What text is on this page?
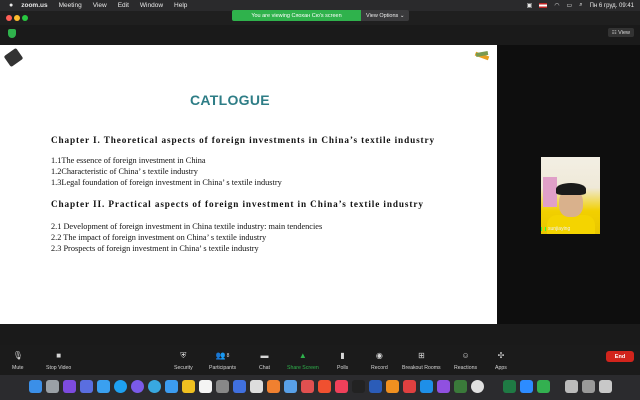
● zoom.us Meeting View Edit Window Help	▣	◠ ▭ ⌕ Пн 6 груд. 09:41
☷ View
CATLOGUE
Chapter I. Theoretical aspects of foreign investments in China’s textile industry
1.1The essence of foreign investment in China
1.2Characteristic of China’ s textile industry
1.3Legal foundation of foreign investment in China’ s textile industry
Chapter II. Practical aspects of foreign investment in China’s textile industry
2.1 Development of foreign investment in China textile industry: main tendencies
2.2 The impact of foreign investment on China’ s textile industry
2.3 Prospects of foreign investment in China’ s textile industry
sunjiaying
🎙
Mute
■
Stop Video
⛨
Security
👥 8
Participants
▬
Chat
▲
Share Screen
▮
Polls
◉
Record
⊞
Breakout Rooms
☺
Reactions
✣
Apps
End
You are viewing Сяохан Сю's screen	View Options ⌄
